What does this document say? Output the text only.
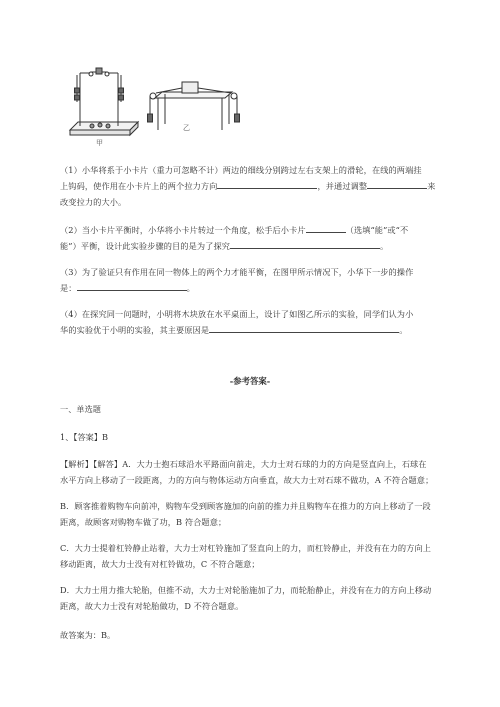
甲
乙
（1）小华将系于小卡片（重力可忽略不计）两边的细线分别跨过左右支架上的滑轮，在线的两端挂
上钩码，使作用在小卡片上的两个拉力方向	，并通过调整	来
改变拉力的大小。
（2）当小卡片平衡时，小华将小卡片转过一个角度，松手后小卡片	（选填“能”或“不
能”）平衡，设计此实验步骤的目的是为了探究	。
（3）为了验证只有作用在同一物体上的两个力才能平衡，在图甲所示情况下，小华下一步的操作
是：	。
（4）在探究同一问题时，小明将木块放在水平桌面上，设计了如图乙所示的实验，同学们认为小
华的实验优于小明的实验，其主要原因是	。
-参考答案-
一、单选题
1、【答案】B
【解析】【解答】A．大力士抱石球沿水平路面向前走，大力士对石球的力的方向是竖直向上，石球在
水平方向上移动了一段距离，力的方向与物体运动方向垂直，故大力士对石球不做功，A 不符合题意；
B．顾客推着购物车向前冲，购物车受到顾客施加的向前的推力并且购物车在推力的方向上移动了一段
距离，故顾客对购物车做了功，B 符合题意；
C．大力士提着杠铃静止站着，大力士对杠铃施加了竖直向上的力，而杠铃静止，并没有在力的方向上
移动距离，故大力士没有对杠铃做功，C 不符合题意；
D．大力士用力推大轮胎，但推不动，大力士对轮胎施加了力，而轮胎静止，并没有在力的方向上移动
距离，故大力士没有对轮胎做功，D 不符合题意。
故答案为：B。
